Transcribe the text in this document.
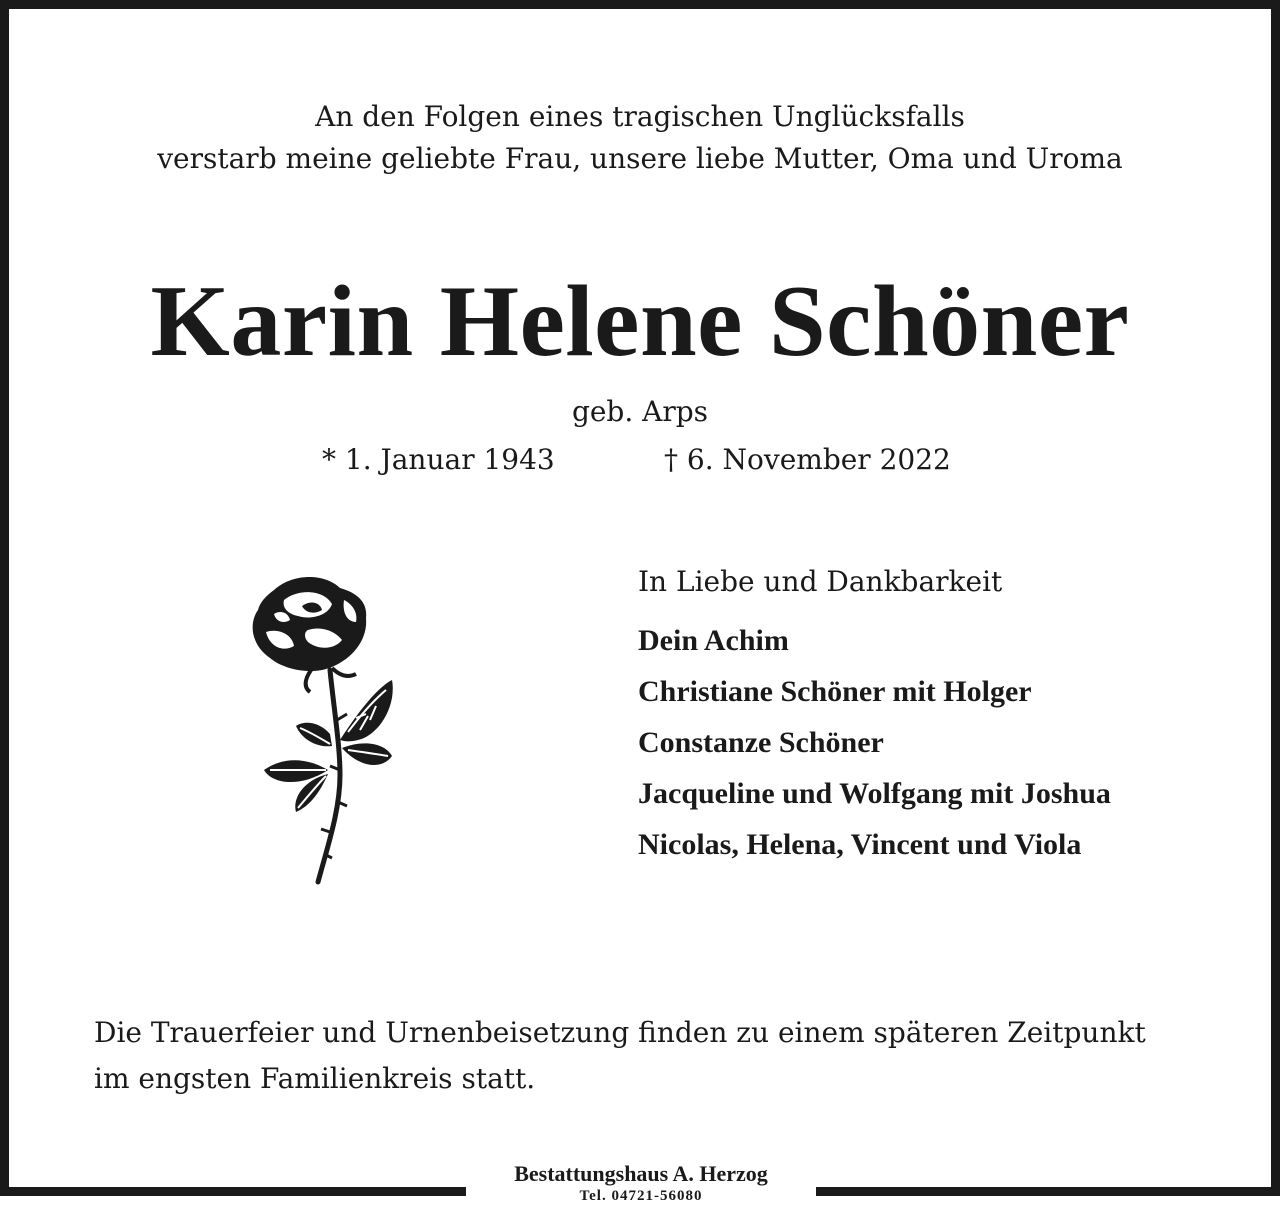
An den Folgen eines tragischen Unglücksfalls
verstarb meine geliebte Frau, unsere liebe Mutter, Oma und Uroma
Karin Helene Schöner
geb. Arps
* 1. Januar 1943	† 6. November 2022
In Liebe und Dankbarkeit
Dein Achim
Christiane Schöner mit Holger
Constanze Schöner
Jacqueline und Wolfgang mit Joshua
Nicolas, Helena, Vincent und Viola
Die Trauerfeier und Urnenbeisetzung finden zu einem späteren Zeitpunkt
im engsten Familienkreis statt.
Bestattungshaus A. Herzog
Tel. 04721-56080
